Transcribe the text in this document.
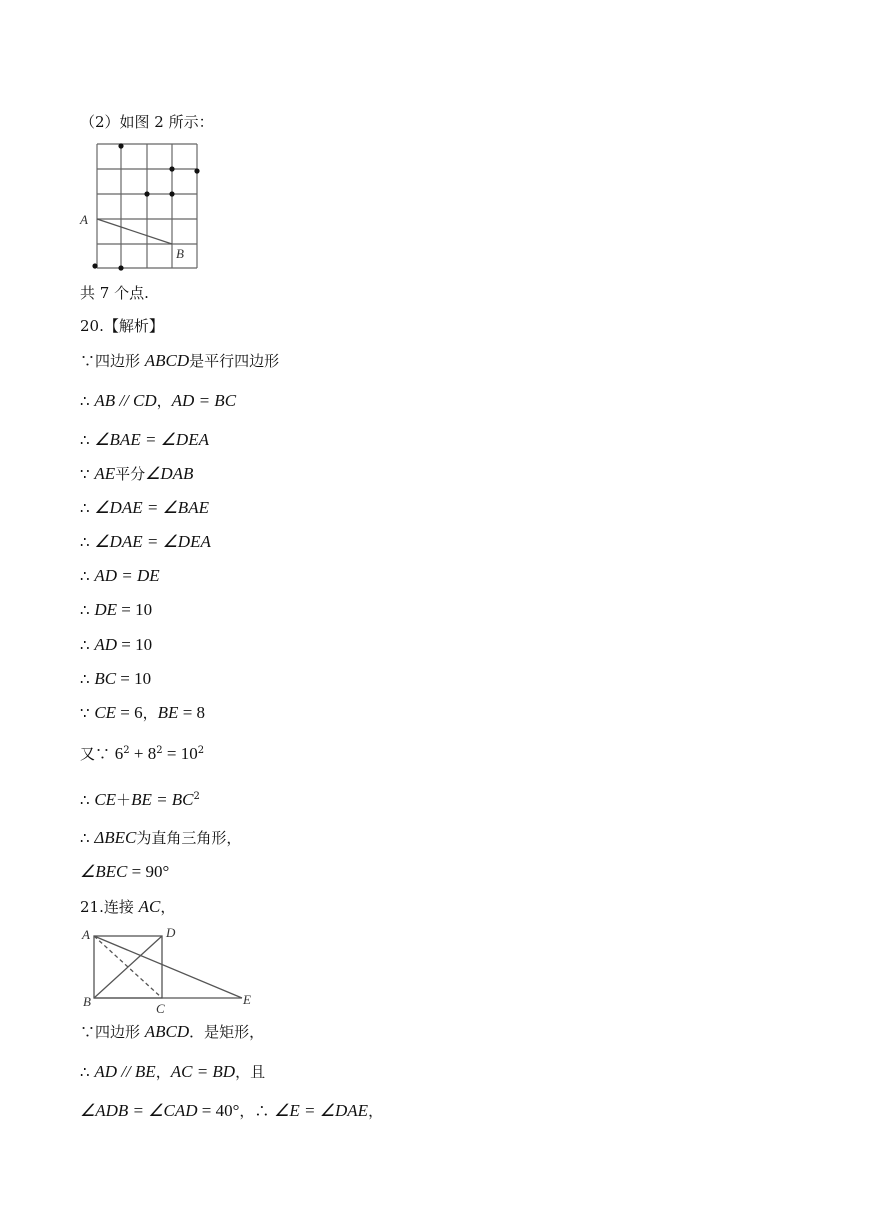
（2）如图 2 所示：
A
B
共 7 个点.
20.【解析】
∵四边形 ABCD是平行四边形
∴ AB // CD，AD = BC
∴ ∠BAE = ∠DEA
∵ AE平分∠DAB
∴ ∠DAE = ∠BAE
∴ ∠DAE = ∠DEA
∴ AD = DE
∴ DE = 10
∴ AD = 10
∴ BC = 10
∵ CE = 6，BE = 8
又∵ $6^2 + 8^2 = 10^2$
∴ $CE+BE = BC^2$
∴ ΔBEC为直角三角形，
∠BEC = 90°
21.连接 AC，
A	D
B	C
E
∵四边形 ABCD．是矩形，
∴ AD // BE，AC = BD，且
∠ADB = ∠CAD = 40°，∴ ∠E = ∠DAE，
